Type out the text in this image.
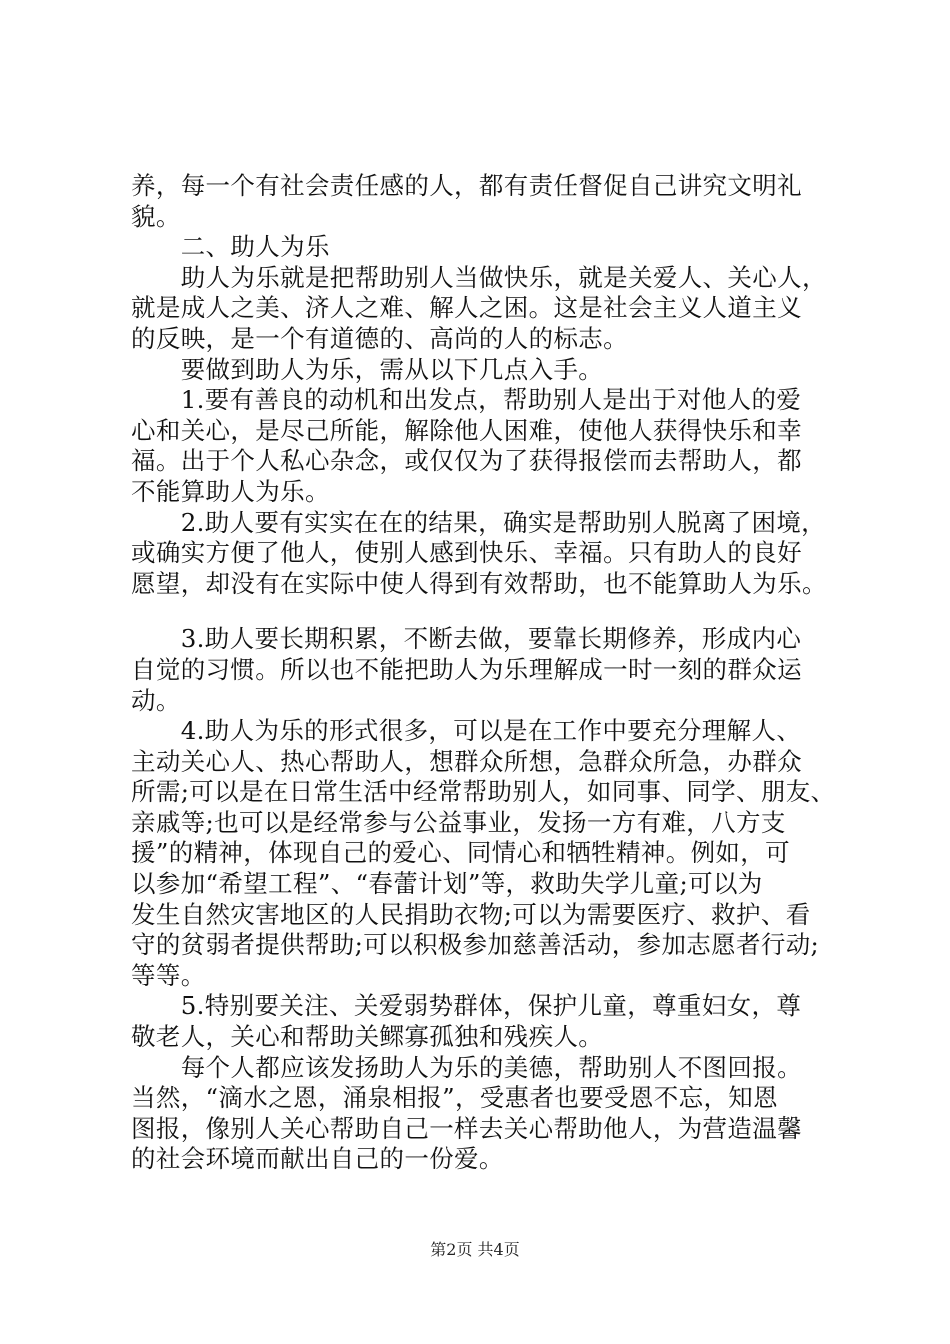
养，每一个有社会责任感的人，都有责任督促自己讲究文明礼
貌。
　　二、助人为乐
　　助人为乐就是把帮助别人当做快乐，就是关爱人、关心人，
就是成人之美、济人之难、解人之困。这是社会主义人道主义
的反映，是一个有道德的、高尚的人的标志。
　　要做到助人为乐，需从以下几点入手。
　　1.要有善良的动机和出发点，帮助别人是出于对他人的爱
心和关心，是尽己所能，解除他人困难，使他人获得快乐和幸
福。出于个人私心杂念，或仅仅为了获得报偿而去帮助人，都
不能算助人为乐。
　　2.助人要有实实在在的结果，确实是帮助别人脱离了困境，
或确实方便了他人，使别人感到快乐、幸福。只有助人的良好
愿望，却没有在实际中使人得到有效帮助，也不能算助人为乐。
　　3.助人要长期积累，不断去做，要靠长期修养，形成内心
自觉的习惯。所以也不能把助人为乐理解成一时一刻的群众运
动。
　　4.助人为乐的形式很多，可以是在工作中要充分理解人、
主动关心人、热心帮助人，想群众所想，急群众所急，办群众
所需;可以是在日常生活中经常帮助别人，如同事、同学、朋友、
亲戚等;也可以是经常参与公益事业，发扬一方有难，八方支
援”的精神，体现自己的爱心、同情心和牺牲精神。例如，可
以参加“希望工程”、“春蕾计划”等，救助失学儿童;可以为
发生自然灾害地区的人民捐助衣物;可以为需要医疗、救护、看
守的贫弱者提供帮助;可以积极参加慈善活动，参加志愿者行动;
等等。
　　5.特别要关注、关爱弱势群体，保护儿童，尊重妇女，尊
敬老人，关心和帮助关鳏寡孤独和残疾人。
　　每个人都应该发扬助人为乐的美德，帮助别人不图回报。
当然，“滴水之恩，涌泉相报”，受惠者也要受恩不忘，知恩
图报，像别人关心帮助自己一样去关心帮助他人，为营造温馨
的社会环境而献出自己的一份爱。
第2页 共4页
